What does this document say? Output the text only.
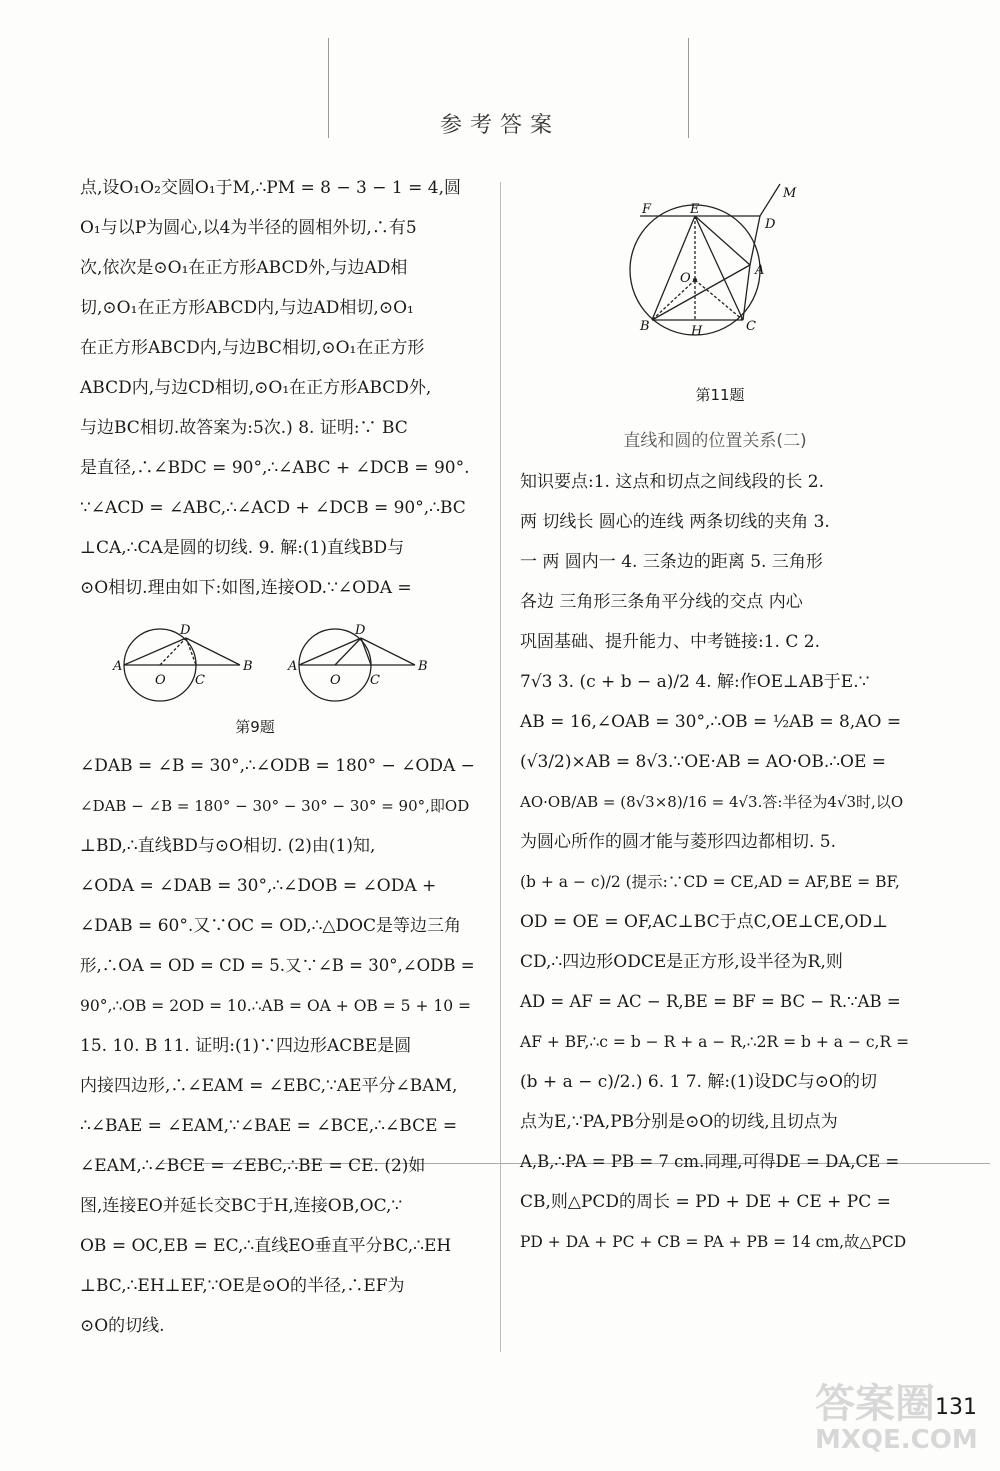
参考答案

点,设O₁O₂交圆O₁于M,∴PM = 8 − 3 − 1 = 4,圆

O₁与以P为圆心,以4为半径的圆相外切,∴有5

次,依次是⊙O₁在正方形ABCD外,与边AD相

切,⊙O₁在正方形ABCD内,与边AD相切,⊙O₁

在正方形ABCD内,与边BC相切,⊙O₁在正方形

ABCD内,与边CD相切,⊙O₁在正方形ABCD外,

与边BC相切.故答案为:5次.) 8. 证明:∵ BC

是直径,∴∠BDC = 90°,∴∠ABC + ∠DCB = 90°.

∵∠ACD = ∠ABC,∴∠ACD + ∠DCB = 90°,∴BC

⊥CA,∴CA是圆的切线. 9. 解:(1)直线BD与

⊙O相切.理由如下:如图,连接OD.∵∠ODA =

A
D
O C
B	A
D
O C
B
第9题

∠DAB = ∠B = 30°,∴∠ODB = 180° − ∠ODA −

∠DAB − ∠B = 180° − 30° − 30° − 30° = 90°,即OD

⊥BD,∴直线BD与⊙O相切. (2)由(1)知,

∠ODA = ∠DAB = 30°,∴∠DOB = ∠ODA +

∠DAB = 60°.又∵OC = OD,∴△DOC是等边三角

形,∴OA = OD = CD = 5.又∵∠B = 30°,∠ODB =

90°,∴OB = 2OD = 10.∴AB = OA + OB = 5 + 10 =

15. 10. B 11. 证明:(1)∵四边形ACBE是圆

内接四边形,∴∠EAM = ∠EBC,∵AE平分∠BAM,

∴∠BAE = ∠EAM,∵∠BAE = ∠BCE,∴∠BCE =

∠EAM,∴∠BCE = ∠EBC,∴BE = CE. (2)如

图,连接EO并延长交BC于H,连接OB,OC,∵

OB = OC,EB = EC,∴直线EO垂直平分BC,∴EH

⊥BC,∴EH⊥EF,∵OE是⊙O的半径,∴EF为

⊙O的切线.

F	E
M
D
O
A
B	H	C
第11题
直线和圆的位置关系(二)

知识要点:1. 这点和切点之间线段的长 2.

两 切线长 圆心的连线 两条切线的夹角 3.

一 两 圆内一 4. 三条边的距离 5. 三角形

各边 三角形三条角平分线的交点 内心

巩固基础、提升能力、中考链接:1. C 2.

7√3 3. (c + b − a)/2 4. 解:作OE⊥AB于E.∵

AB = 16,∠OAB = 30°,∴OB = ½AB = 8,AO =

(√3/2)×AB = 8√3.∵OE·AB = AO·OB.∴OE =

AO·OB/AB = (8√3×8)/16 = 4√3.答:半径为4√3时,以O

为圆心所作的圆才能与菱形四边都相切. 5.

(b + a − c)/2 (提示:∵CD = CE,AD = AF,BE = BF,

OD = OE = OF,AC⊥BC于点C,OE⊥CE,OD⊥

CD,∴四边形ODCE是正方形,设半径为R,则

AD = AF = AC − R,BE = BF = BC − R.∵AB =

AF + BF,∴c = b − R + a − R,∴2R = b + a − c,R =

(b + a − c)/2.) 6. 1 7. 解:(1)设DC与⊙O的切

点为E,∵PA,PB分别是⊙O的切线,且切点为

A,B,∴PA = PB = 7 cm.同理,可得DE = DA,CE =

CB,则△PCD的周长 = PD + DE + CE + PC =

PD + DA + PC + CB = PA + PB = 14 cm,故△PCD

131
答案圈
MXQE.COM
